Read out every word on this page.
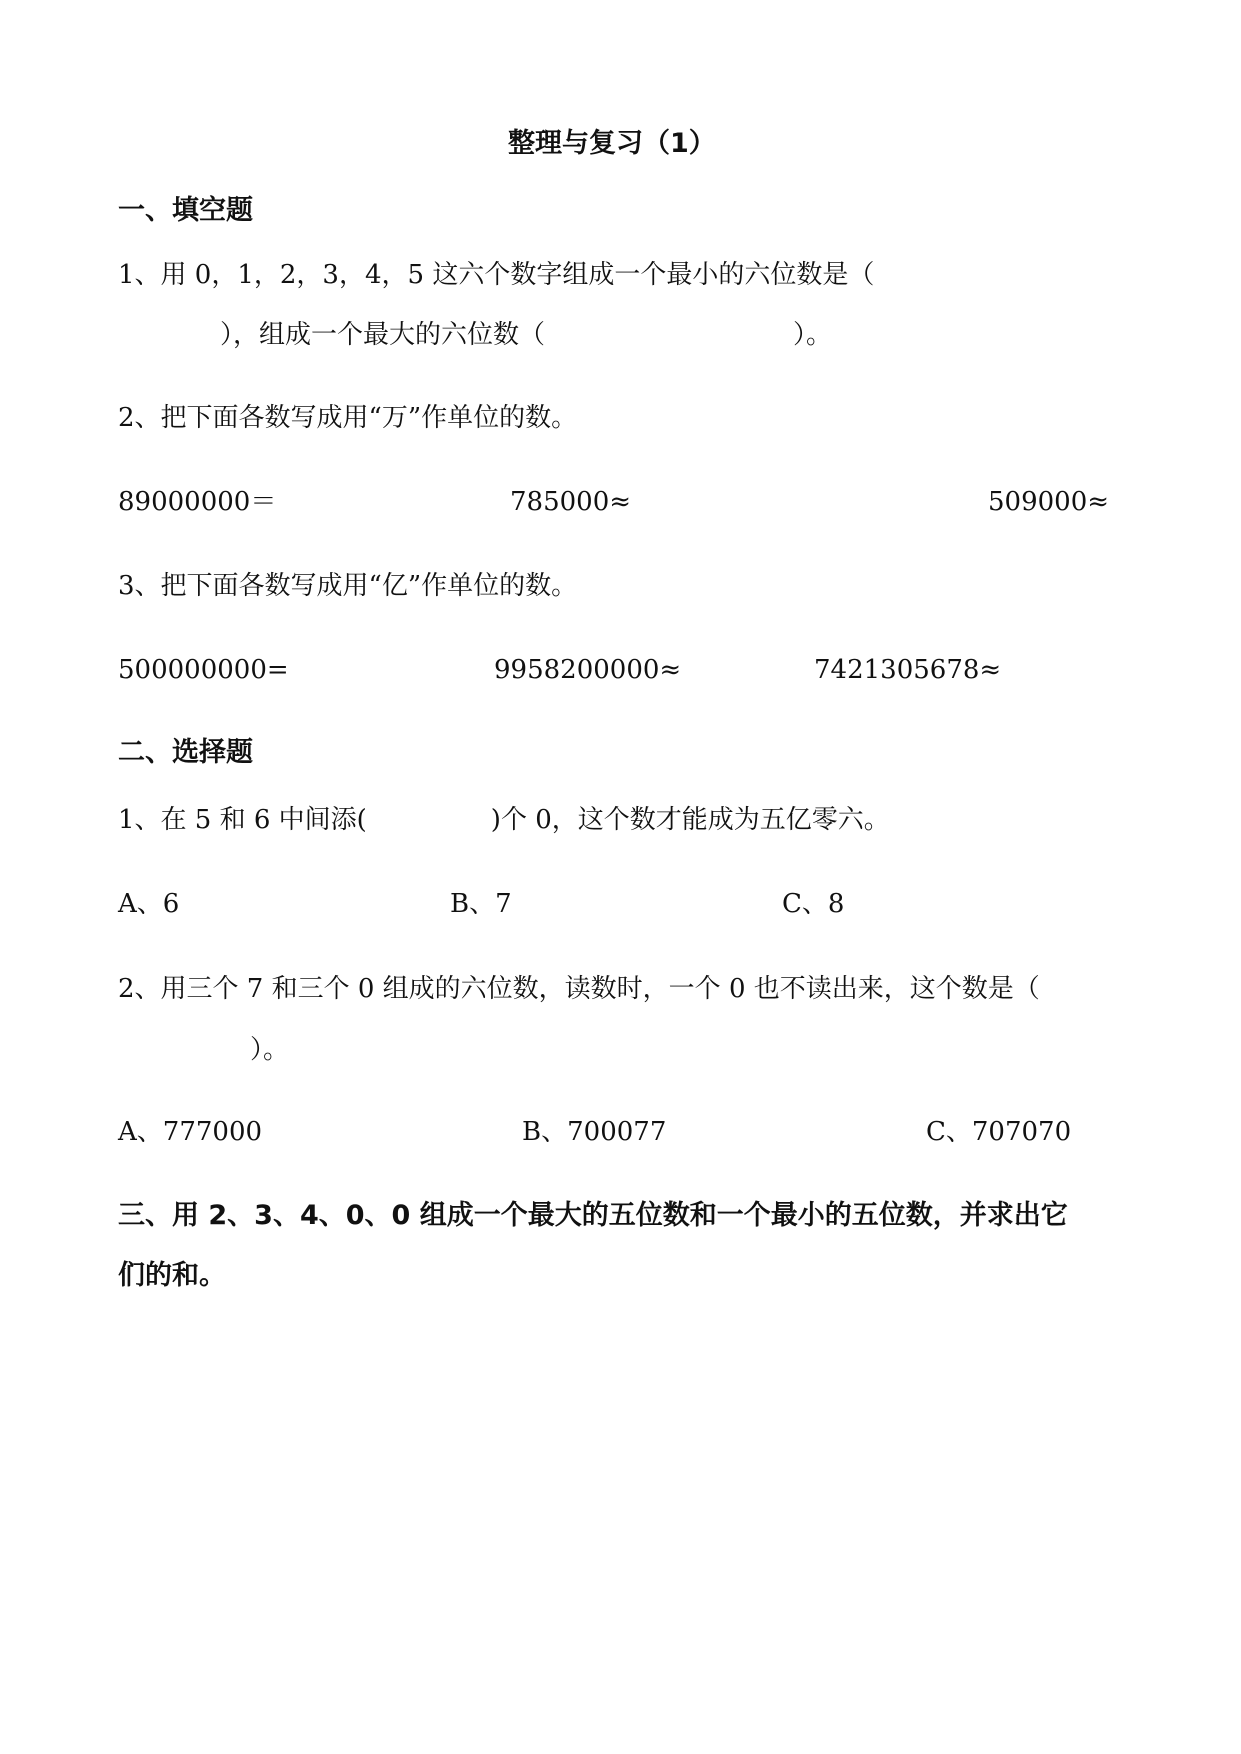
整理与复习（1）
一、填空题
1、用 0，1，2，3，4，5 这六个数字组成一个最小的六位数是（
），组成一个最大的六位数（                              ）。
2、把下面各数写成用“万”作单位的数。
89000000＝	785000≈	509000≈
3、把下面各数写成用“亿”作单位的数。
500000000=	9958200000≈	7421305678≈
二、选择题
1、在 5 和 6 中间添(               )个 0，这个数才能成为五亿零六。
A、6	B、7	C、8
2、用三个 7 和三个 0 组成的六位数，读数时，一个 0 也不读出来，这个数是（
）。
A、777000	B、700077	C、707070
三、用 2、3、4、0、0 组成一个最大的五位数和一个最小的五位数，并求出它
们的和。
